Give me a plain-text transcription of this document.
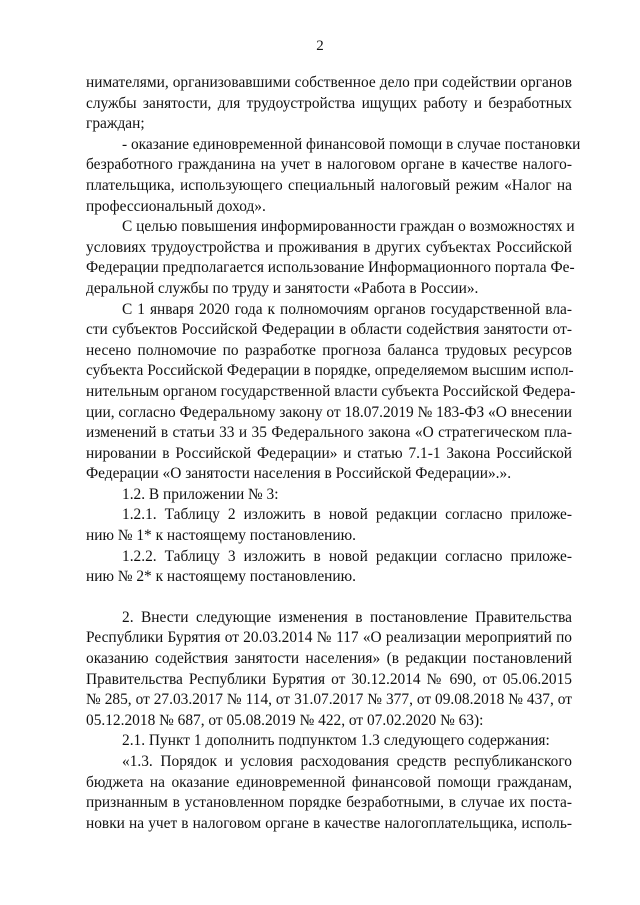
2
нимателями, организовавшими собственное дело при содействии органов
службы занятости, для трудоустройства ищущих работу и безработных
граждан;
- оказание единовременной финансовой помощи в случае постановки
безработного гражданина на учет в налоговом органе в качестве налого-
плательщика, использующего специальный налоговый режим «Налог на
профессиональный доход».
С целью повышения информированности граждан о возможностях и
условиях трудоустройства и проживания в других субъектах Российской
Федерации предполагается использование Информационного портала Фе-
деральной службы по труду и занятости «Работа в России».
С 1 января 2020 года к полномочиям органов государственной вла-
сти субъектов Российской Федерации в области содействия занятости от-
несено полномочие по разработке прогноза баланса трудовых ресурсов
субъекта Российской Федерации в порядке, определяемом высшим испол-
нительным органом государственной власти субъекта Российской Федера-
ции, согласно Федеральному закону от 18.07.2019 № 183-ФЗ «О внесении
изменений в статьи 33 и 35 Федерального закона «О стратегическом пла-
нировании в Российской Федерации» и статью 7.1-1 Закона Российской
Федерации «О занятости населения в Российской Федерации».».
1.2. В приложении № 3:
1.2.1. Таблицу 2 изложить в новой редакции согласно приложе-
нию № 1* к настоящему постановлению.
1.2.2. Таблицу 3 изложить в новой редакции согласно приложе-
нию № 2* к настоящему постановлению.
2. Внести следующие изменения в постановление Правительства
Республики Бурятия от 20.03.2014 № 117 «О реализации мероприятий по
оказанию содействия занятости населения» (в редакции постановлений
Правительства Республики Бурятия от 30.12.2014 № 690, от 05.06.2015
№ 285, от 27.03.2017 № 114, от 31.07.2017 № 377, от 09.08.2018 № 437, от
05.12.2018 № 687, от 05.08.2019 № 422, от 07.02.2020 № 63):
2.1. Пункт 1 дополнить подпунктом 1.3 следующего содержания:
«1.3. Порядок и условия расходования средств республиканского
бюджета на оказание единовременной финансовой помощи гражданам,
признанным в установленном порядке безработными, в случае их поста-
новки на учет в налоговом органе в качестве налогоплательщика, исполь-
